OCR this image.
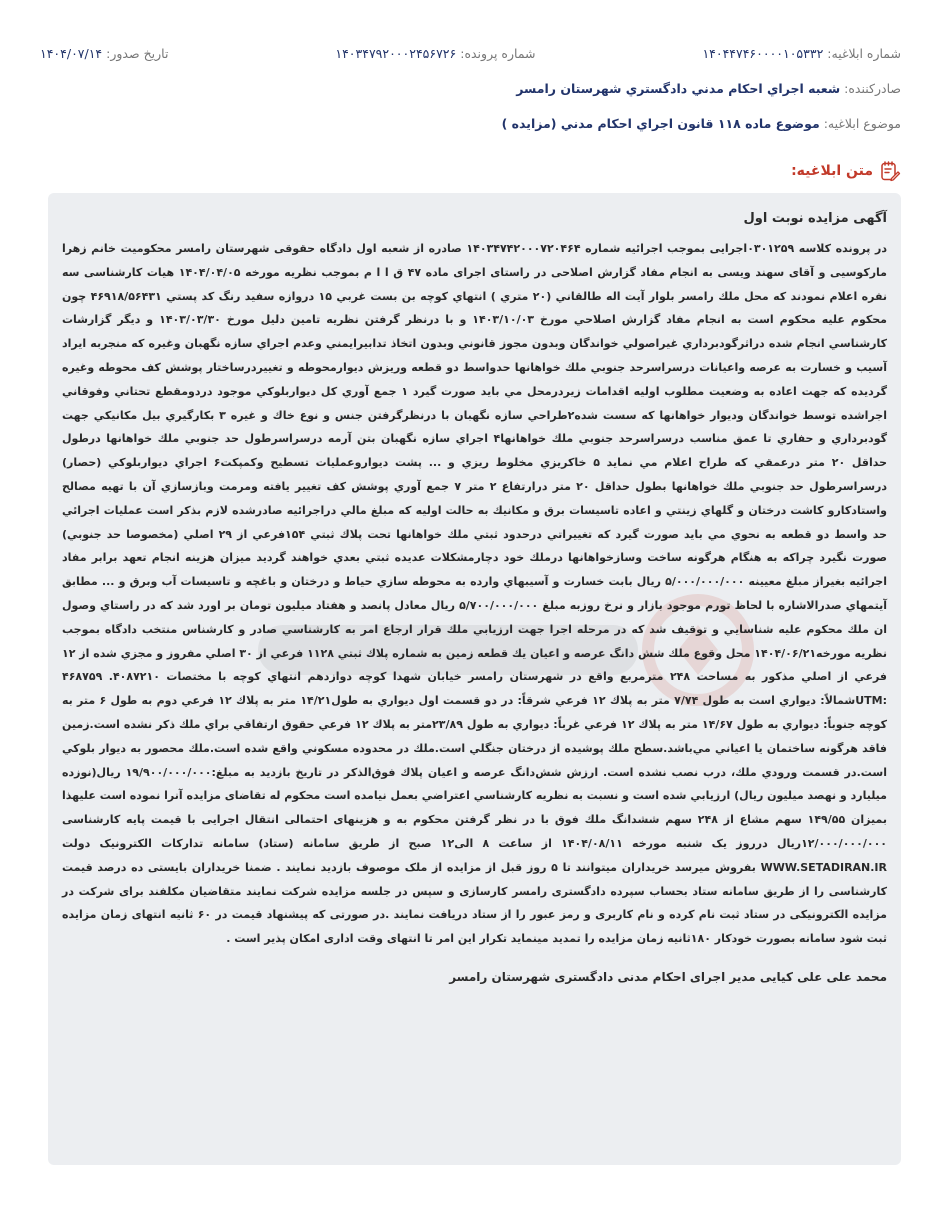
شماره ابلاغیه:
۱۴۰۴۴۷۴۶۰۰۰۰۱۰۵۳۳۲
شماره پرونده:
۱۴۰۳۴۷۹۲۰۰۰۲۴۵۶۷۲۶
تاریخ صدور:
۱۴۰۴/۰۷/۱۴
صادرکننده:
شعبه اجراي احكام مدني دادگستري شهرستان رامسر
موضوع ابلاغیه:
موضوع ماده ۱۱۸ قانون اجراي احكام مدني (مزايده )
متن ابلاغیه:

آگهی مزایده نوبت اول

در پرونده کلاسه ۰۳۰۱۲۵۹اجرایی بموجب اجرائیه شماره ۱۴۰۳۴۷۴۲۰۰۰۷۲۰۴۶۴ صادره از شعبه اول دادگاه حقوقی شهرستان رامسر محکومیت خانم زهرا مارکوسیی و آقای سهند ویسی به انجام مفاد گزارش اصلاحی در راستای اجرای ماده ۴۷ ق ا ا م بموجب نظریه مورخه ۱۴۰۴/۰۴/۰۵ هیات کارشناسی سه نفره اعلام نمودند که محل ملك رامسر بلوار آيت اله طالقاني (۲۰ متري ) انتهاي كوچه بن بست غربي ۱۵ دروازه سفيد رنگ كد پستي ۴۶۹۱۸/۵۶۴۳۱ چون محكوم عليه محكوم است به انجام مفاد گزارش اصلاحي مورخ ۱۴۰۳/۱۰/۰۳ و با درنظر گرفتن نظريه تامين دليل مورخ ۱۴۰۳/۰۳/۳۰ و ديگر گزارشات كارشناسي انجام شده دراثرگودبرداري غيراصولي خواندگان وبدون مجوز قانوني وبدون اتخاذ تدابيرايمني وعدم اجراي سازه نگهبان وغيره كه منجربه ايراد آسيب و خسارت به عرصه واعيانات درسراسرحد جنوبي ملك خواهانها حدواسط دو قطعه وريزش ديوارمحوطه و تغييردرساختار پوشش كف محوطه وغيره گرديده كه جهت اعاده به وضعيت مطلوب اوليه اقدامات زيردرمحل مي بايد صورت گيرد ۱ جمع آوري كل ديواربلوكي موجود دردومقطع تحتاني وفوقاني اجراشده توسط خواندگان وديوار خواهانها كه سست شده۲طراحي سازه نگهبان با درنظرگرفتن جنس و نوع خاك و غيره ۳ بكارگيري بيل مكانيكي جهت گودبرداري و حفاري تا عمق مناسب درسراسرحد جنوبي ملك خواهانها۴ اجراي سازه نگهبان بتن آرمه درسراسرطول حد جنوبي ملك خواهانها درطول حداقل ۲۰ متر درعمقي كه طراح اعلام مي نمايد ۵ خاكريزي مخلوط ريزي و ... پشت ديواروعمليات تسطيح وكمپكت۶ اجراي ديواربلوكي (حصار) درسراسرطول حد جنوبي ملك خواهانها بطول حداقل ۲۰ متر درارتفاع ۲ متر ۷ جمع آوري پوشش كف تغيير يافته ومرمت وبازسازي آن با تهيه مصالح واستادكارو كاشت درختان و گلهاي زينتي و اعاده تاسيسات برق و مكانيك به حالت اوليه كه مبلغ مالي دراجرائيه صادرشده لازم بذكر است عمليات اجرائي حد واسط دو قطعه به نحوي مي بايد صورت گيرد كه تغييراتي درحدود ثبتي ملك خواهانها تحت پلاك ثبتي ۱۵۴فرعي از ۲۹ اصلي (مخصوصا حد جنوبي) صورت نگيرد چراكه به هنگام هرگونه ساخت وسازخواهانها درملك خود دچارمشكلات عديده ثبتي بعدي خواهند گرديد ميزان هزينه انجام تعهد برابر مفاد اجرائيه بغيراز مبلغ معيينه ۵/۰۰۰/۰۰۰/۰۰۰ ريال بابت خسارت و آسيبهاي وارده به محوطه سازي حياط و درختان و باغچه و تاسيسات آب وبرق و ... مطابق آيتمهاي صدرالاشاره با لحاظ تورم موجود بازار و نرخ روزبه مبلغ ۵/۷۰۰/۰۰۰/۰۰۰ ريال معادل پانصد و هفتاد ميليون تومان بر اورد شد كه در راستاي وصول ان ملك محكوم عليه شناسايي و توقيف شد كه در مرحله اجرا جهت ارزيابي ملك قرار ارجاع امر به كارشناسي صادر و كارشناس منتخب دادگاه بموجب نظريه مورخه۱۴۰۴/۰۶/۲۱ محل وقوع ملك شش دانگ عرصه و اعيان يك قطعه زمين به شماره پلاك ثبتي ۱۱۲۸ فرعي از ۳۰ اصلي مفروز و مجزي شده از ۱۲ فرعي از اصلي مذكور به مساحت ۲۴۸ مترمربع واقع در شهرستان رامسر خيابان شهدا كوچه دوازدهم انتهاي كوچه با مختصات ۴۰۸۷۲۱۰. ۴۶۸۷۵۹ :UTMشمالاً: ديواري است به طول ۷/۷۴ متر به پلاك ۱۲ فرعي شرقاً: در دو قسمت اول ديواري به طول۱۴/۲۱ متر به پلاك ۱۲ فرعي دوم به طول ۶ متر به كوچه جنوباً: ديواري به طول ۱۴/۶۷ متر به پلاك ۱۲ فرعي غرباً: ديواري به طول ۲۳/۸۹متر به پلاك ۱۲ فرعي حقوق ارتفاقي براي ملك ذكر نشده است.زمين فاقد هرگونه ساختمان يا اعياني مي‌باشد.سطح ملك پوشيده از درختان جنگلي است.ملك در محدوده مسكوني واقع شده است.ملك محصور به ديوار بلوكي است.در قسمت ورودي ملك، درب نصب نشده است. ارزش شش‌دانگ عرصه و اعيان پلاك فوق‌الذكر در تاريخ بازديد به مبلغ:۱۹/۹۰۰/۰۰۰/۰۰۰ ريال(نوزده ميليارد و نهصد ميليون ريال) ارزيابي شده است و نسبت به نظريه كارشناسي اعتراضي بعمل نيامده است محکوم له تقاضای مزایده آنرا نموده است علیهذا بمیزان ۱۴۹/۵۵ سهم مشاع از ۲۴۸ سهم ششدانگ ملك فوق با در نظر گرفتن محکوم به و هزینهای احتمالی انتقال اجرایی با قیمت پایه کارشناسی ۱۲/۰۰۰/۰۰۰/۰۰۰ریال درروز یک شنبه مورخه ۱۴۰۴/۰۸/۱۱ از ساعت ۸ الی۱۲ صبح از طریق سامانه (ستاد) سامانه تدارکات الکترونیک دولت WWW.SETADIRAN.IR بفروش میرسد خریداران میتوانند تا ۵ روز قبل از مزایده از ملک موصوف بازدید نمایند . ضمنا خریداران بایستی ده درصد قیمت کارشناسی را از طریق سامانه ستاد بحساب سپرده دادگستری رامسر کارسازی و سپس در جلسه مزایده شرکت نمایند متقاضیان مکلفند برای شرکت در مزایده الکترونیکی در ستاد ثبت نام کرده و نام کاربری و رمز عبور را از ستاد دریافت نمایند .در صورتی که پیشنهاد قیمت در ۶۰ ثانیه انتهای زمان مزایده ثبت شود سامانه بصورت خودکار ۱۸۰ثانیه زمان مزایده را تمدید مینماید تکرار این امر تا انتهای وقت اداری امکان پذیر است .

محمد علی علی کیایی مدیر اجرای احکام مدنی دادگستری شهرستان رامسر
